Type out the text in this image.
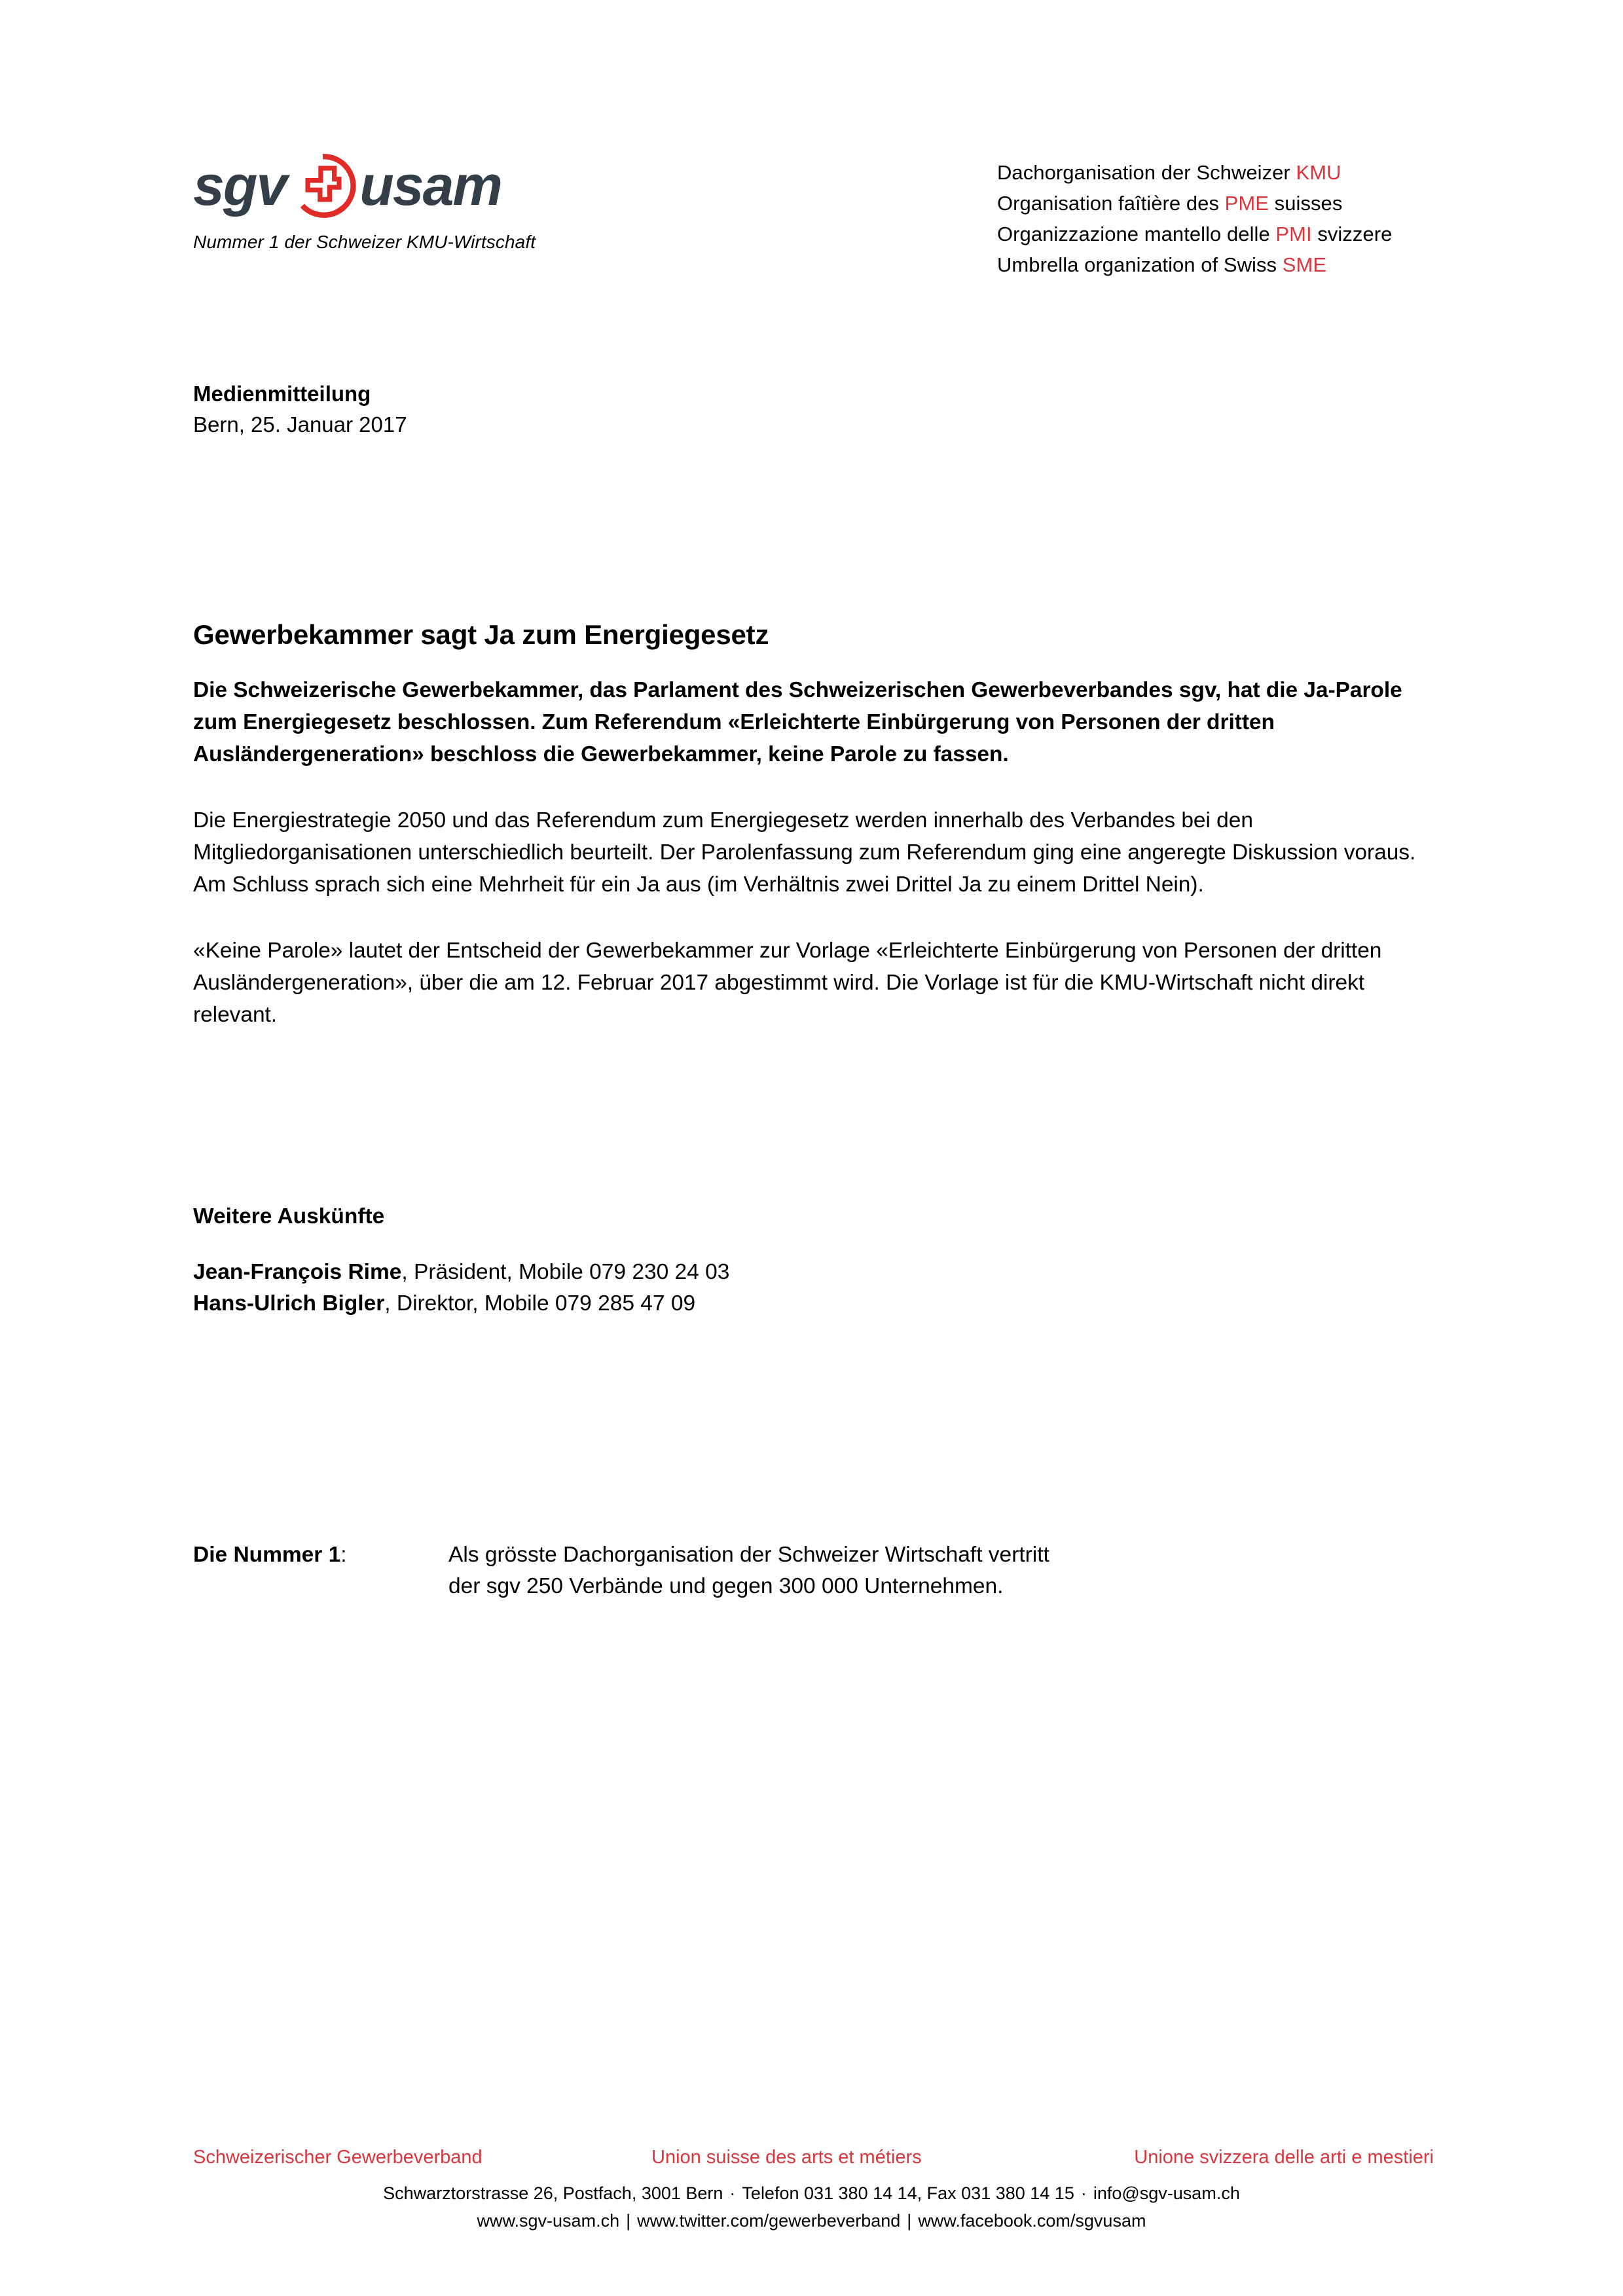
sgv usam
Nummer 1 der Schweizer KMU-Wirtschaft
Dachorganisation der Schweizer KMU
Organisation faîtière des PME suisses
Organizzazione mantello delle PMI svizzere
Umbrella organization of Swiss SME
Medienmitteilung
Bern, 25. Januar 2017
Gewerbekammer sagt Ja zum Energiegesetz

Die Schweizerische Gewerbekammer, das Parlament des Schweizerischen Gewerbeverbandes sgv, hat die Ja-Parole zum Energiegesetz beschlossen. Zum Referendum «Erleichterte Einbürgerung von Personen der dritten Ausländergeneration» beschloss die Gewerbekammer, keine Parole zu fassen.

Die Energiestrategie 2050 und das Referendum zum Energiegesetz werden innerhalb des Verbandes bei den Mitgliedorganisationen unterschiedlich beurteilt. Der Parolenfassung zum Referendum ging eine angeregte Diskussion voraus. Am Schluss sprach sich eine Mehrheit für ein Ja aus (im Verhältnis zwei Drittel Ja zu einem Drittel Nein).

«Keine Parole» lautet der Entscheid der Gewerbekammer zur Vorlage «Erleichterte Einbürgerung von Personen der dritten Ausländergeneration», über die am 12. Februar 2017 abgestimmt wird. Die Vorlage ist für die KMU-Wirtschaft nicht direkt relevant.

Weitere Auskünfte
Jean-François Rime, Präsident, Mobile 079 230 24 03
Hans-Ulrich Bigler, Direktor, Mobile 079 285 47 09
Die Nummer 1:	Als grösste Dachorganisation der Schweizer Wirtschaft vertritt
der sgv 250 Verbände und gegen 300 000 Unternehmen.
Schweizerischer Gewerbeverband	Union suisse des arts et métiers	Unione svizzera delle arti e mestieri
Schwarztorstrasse 26, Postfach, 3001 Bern · Telefon 031 380 14 14, Fax 031 380 14 15 · info@sgv-usam.ch
www.sgv-usam.ch | www.twitter.com/gewerbeverband | www.facebook.com/sgvusam
